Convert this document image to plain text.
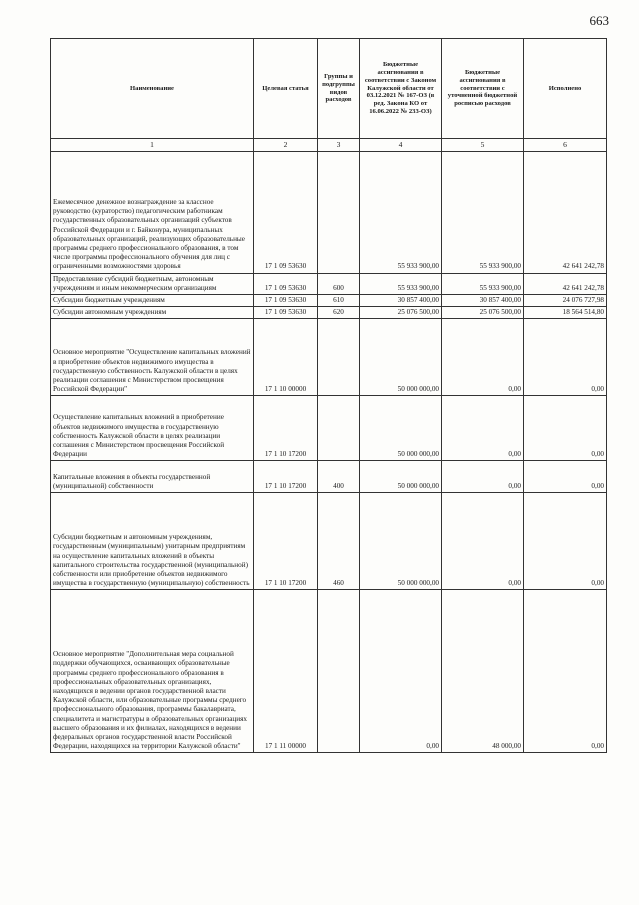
663
Наименование	Целевая статья	Группы и подгруппы видов расходов	Бюджетные ассигнования в соответствии с Законом Калужской области от 03.12.2021 № 167-ОЗ (в ред. Закона КО от 16.06.2022 № 233-ОЗ)	Бюджетные ассигнования в соответствии с уточненной бюджетной росписью расходов	Исполнено
1	2	3	4	5	6
Ежемесячное денежное вознаграждение за классное руководство (кураторство) педагогическим работникам государственных образовательных организаций субъектов Российской Федерации и г. Байконура, муниципальных образовательных организаций, реализующих образовательные программы среднего профессионального образования, в том числе программы профессионального обучения для лиц с ограниченными возможностями здоровья	17 1 09 53630		55 933 900,00	55 933 900,00	42 641 242,78
Предоставление субсидий бюджетным, автономным учреждениям и иным некоммерческим организациям	17 1 09 53630	600	55 933 900,00	55 933 900,00	42 641 242,78
Субсидии бюджетным учреждениям	17 1 09 53630	610	30 857 400,00	30 857 400,00	24 076 727,98
Субсидии автономным учреждениям	17 1 09 53630	620	25 076 500,00	25 076 500,00	18 564 514,80
Основное мероприятие "Осуществление капитальных вложений в приобретение объектов недвижимого имущества в государственную собственность Калужской области в целях реализации соглашения с Министерством просвещения Российской Федерации"	17 1 10 00000		50 000 000,00	0,00	0,00
Осуществление капитальных вложений в приобретение объектов недвижимого имущества в государственную собственность Калужской области в целях реализации соглашения с Министерством просвещения Российской Федерации	17 1 10 17200		50 000 000,00	0,00	0,00
Капитальные вложения в объекты государственной (муниципальной) собственности	17 1 10 17200	400	50 000 000,00	0,00	0,00
Субсидии бюджетным и автономным учреждениям, государственным (муниципальным) унитарным предприятиям на осуществление капитальных вложений в объекты капитального строительства государственной (муниципальной) собственности или приобретение объектов недвижимого имущества в государственную (муниципальную) собственность	17 1 10 17200	460	50 000 000,00	0,00	0,00
Основное мероприятие "Дополнительная мера социальной поддержки обучающихся, осваивающих образовательные программы среднего профессионального образования в профессиональных образовательных организациях, находящихся в ведении органов государственной власти Калужской области, или образовательные программы среднего профессионального образования, программы бакалавриата, специалитета и магистратуры в образовательных организациях высшего образования и их филиалах, находящихся в ведении федеральных органов государственной власти Российской Федерации, находящихся на территории Калужской области"	17 1 11 00000		0,00	48 000,00	0,00
